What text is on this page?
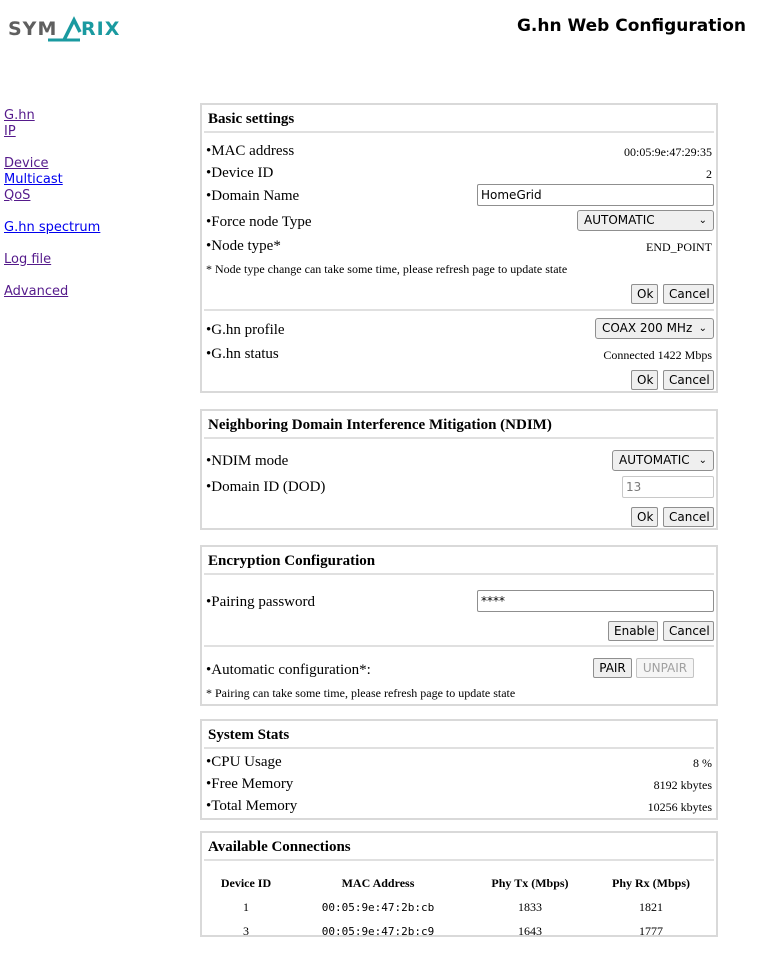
SYM RIX	G.hn Web Configuration
G.hn
IP
Device
Multicast
QoS
G.hn spectrum
Log file
Advanced
Basic settings
•MAC address	00:05:9e:47:29:35
•Device ID	2
•Domain Name	HomeGrid
•Force node Type	AUTOMATIC	⌄
•Node type*	END_POINT
* Node type change can take some time, please refresh page to update state
Ok	Cancel
•G.hn profile	COAX 200 MHz ⌄
•G.hn status	Connected 1422 Mbps
Ok	Cancel
Neighboring Domain Interference Mitigation (NDIM)
•NDIM mode	AUTOMATIC ⌄
•Domain ID (DOD)	13
Ok	Cancel
Encryption Configuration
•Pairing password	****
Enable	Cancel
•Automatic configuration*:	PAIR	UNPAIR
* Pairing can take some time, please refresh page to update state
System Stats
•CPU Usage	8 %
•Free Memory	8192 kbytes
•Total Memory	10256 kbytes
Available Connections
Device ID	MAC Address	Phy Tx (Mbps)	Phy Rx (Mbps)
1	00:05:9e:47:2b:cb	1833	1821
3	00:05:9e:47:2b:c9	1643	1777
